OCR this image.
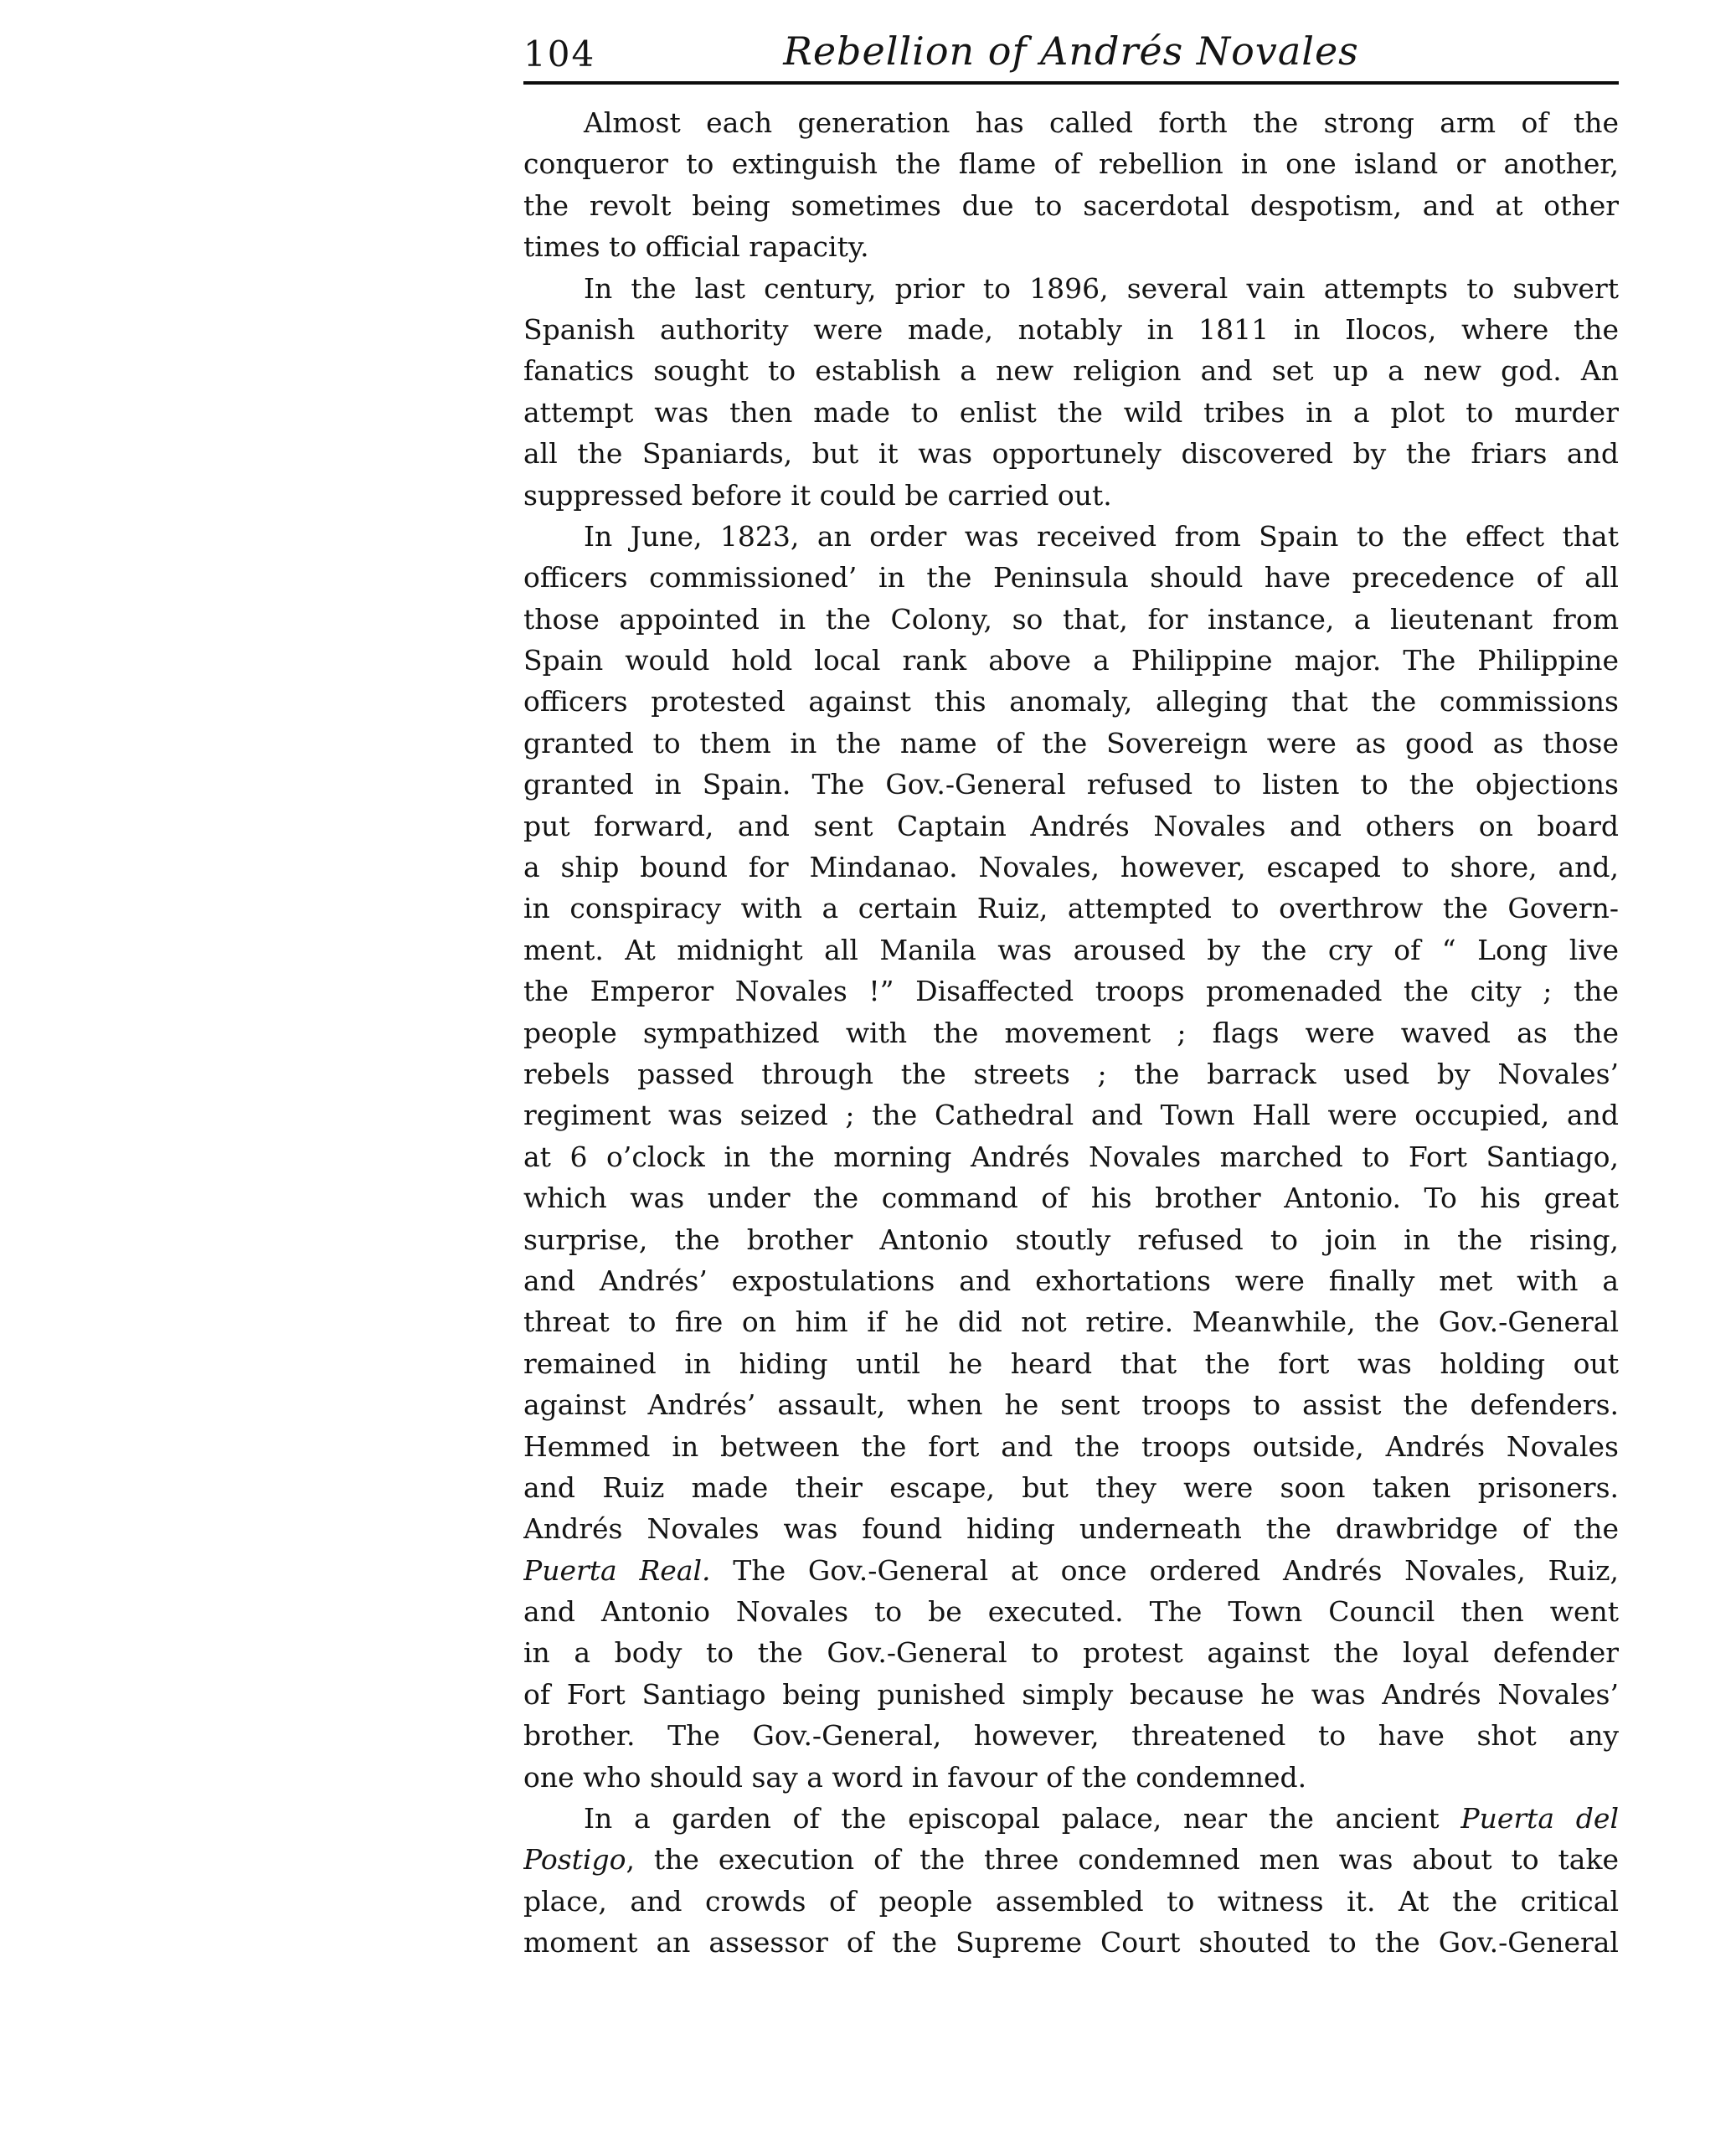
104	Rebellion of Andrés Novales
Almost each generation has called forth the strong arm of the
conqueror to extinguish the flame of rebellion in one island or another,
the revolt being sometimes due to sacerdotal despotism, and at other
times to official rapacity.
In the last century, prior to 1896, several vain attempts to subvert
Spanish authority were made, notably in 1811 in Ilocos, where the
fanatics sought to establish a new religion and set up a new god. An
attempt was then made to enlist the wild tribes in a plot to murder
all the Spaniards, but it was opportunely discovered by the friars and
suppressed before it could be carried out.
In June, 1823, an order was received from Spain to the effect that
officers commissioned’ in the Peninsula should have precedence of all
those appointed in the Colony, so that, for instance, a lieutenant from
Spain would hold local rank above a Philippine major. The Philippine
officers protested against this anomaly, alleging that the commissions
granted to them in the name of the Sovereign were as good as those
granted in Spain. The Gov.-General refused to listen to the objections
put forward, and sent Captain Andrés Novales and others on board
a ship bound for Mindanao. Novales, however, escaped to shore, and,
in conspiracy with a certain Ruiz, attempted to overthrow the Govern-
ment. At midnight all Manila was aroused by the cry of “ Long live
the Emperor Novales !” Disaffected troops promenaded the city ; the
people sympathized with the movement ; flags were waved as the
rebels passed through the streets ; the barrack used by Novales’
regiment was seized ; the Cathedral and Town Hall were occupied, and
at 6 o’clock in the morning Andrés Novales marched to Fort Santiago,
which was under the command of his brother Antonio. To his great
surprise, the brother Antonio stoutly refused to join in the rising,
and Andrés’ expostulations and exhortations were finally met with a
threat to fire on him if he did not retire. Meanwhile, the Gov.-General
remained in hiding until he heard that the fort was holding out
against Andrés’ assault, when he sent troops to assist the defenders.
Hemmed in between the fort and the troops outside, Andrés Novales
and Ruiz made their escape, but they were soon taken prisoners.
Andrés Novales was found hiding underneath the drawbridge of the
Puerta Real. The Gov.-General at once ordered Andrés Novales, Ruiz,
and Antonio Novales to be executed. The Town Council then went
in a body to the Gov.-General to protest against the loyal defender
of Fort Santiago being punished simply because he was Andrés Novales’
brother. The Gov.-General, however, threatened to have shot any
one who should say a word in favour of the condemned.
In a garden of the episcopal palace, near the ancient Puerta del
Postigo, the execution of the three condemned men was about to take
place, and crowds of people assembled to witness it. At the critical
moment an assessor of the Supreme Court shouted to the Gov.-General
